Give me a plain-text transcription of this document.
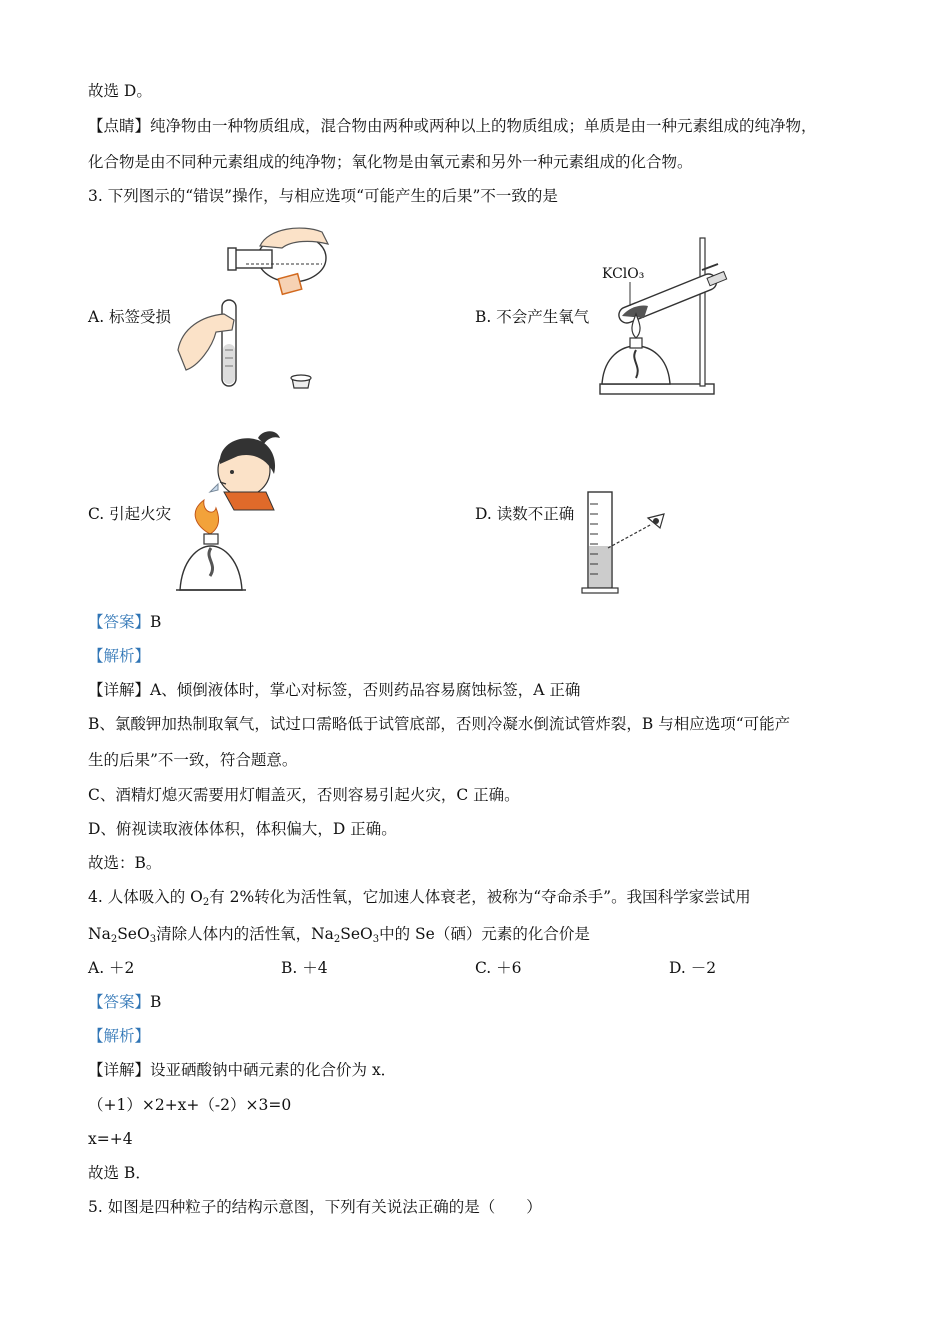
故选 D。
【点睛】纯净物由一种物质组成，混合物由两种或两种以上的物质组成；单质是由一种元素组成的纯净物，
化合物是由不同种元素组成的纯净物；氧化物是由氧元素和另外一种元素组成的化合物。
3. 下列图示的“错误”操作，与相应选项“可能产生的后果”不一致的是
A. 标签受损	B. 不会产生氧气
C. 引起火灾	D. 读数不正确
KClO₃
【答案】B
【解析】
【详解】A、倾倒液体时，掌心对标签，否则药品容易腐蚀标签，A 正确
B、氯酸钾加热制取氧气，试过口需略低于试管底部，否则冷凝水倒流试管炸裂，B 与相应选项“可能产
生的后果”不一致，符合题意。
C、酒精灯熄灭需要用灯帽盖灭，否则容易引起火灾，C 正确。
D、俯视读取液体体积，体积偏大，D 正确。
故选：B。
4. 人体吸入的 $O_2$有 2%转化为活性氧，它加速人体衰老，被称为“夺命杀手”。我国科学家尝试用
$Na_2SeO_3$清除人体内的活性氧，$Na_2SeO_3$中的 Se（硒）元素的化合价是
A. ＋2	B. ＋4	C. ＋6	D. －2
【答案】B
【解析】
【详解】设亚硒酸钠中硒元素的化合价为 x．
（+1）×2+x+（-2）×3=0
x=+4
故选 B．
5. 如图是四种粒子的结构示意图，下列有关说法正确的是（　　）
